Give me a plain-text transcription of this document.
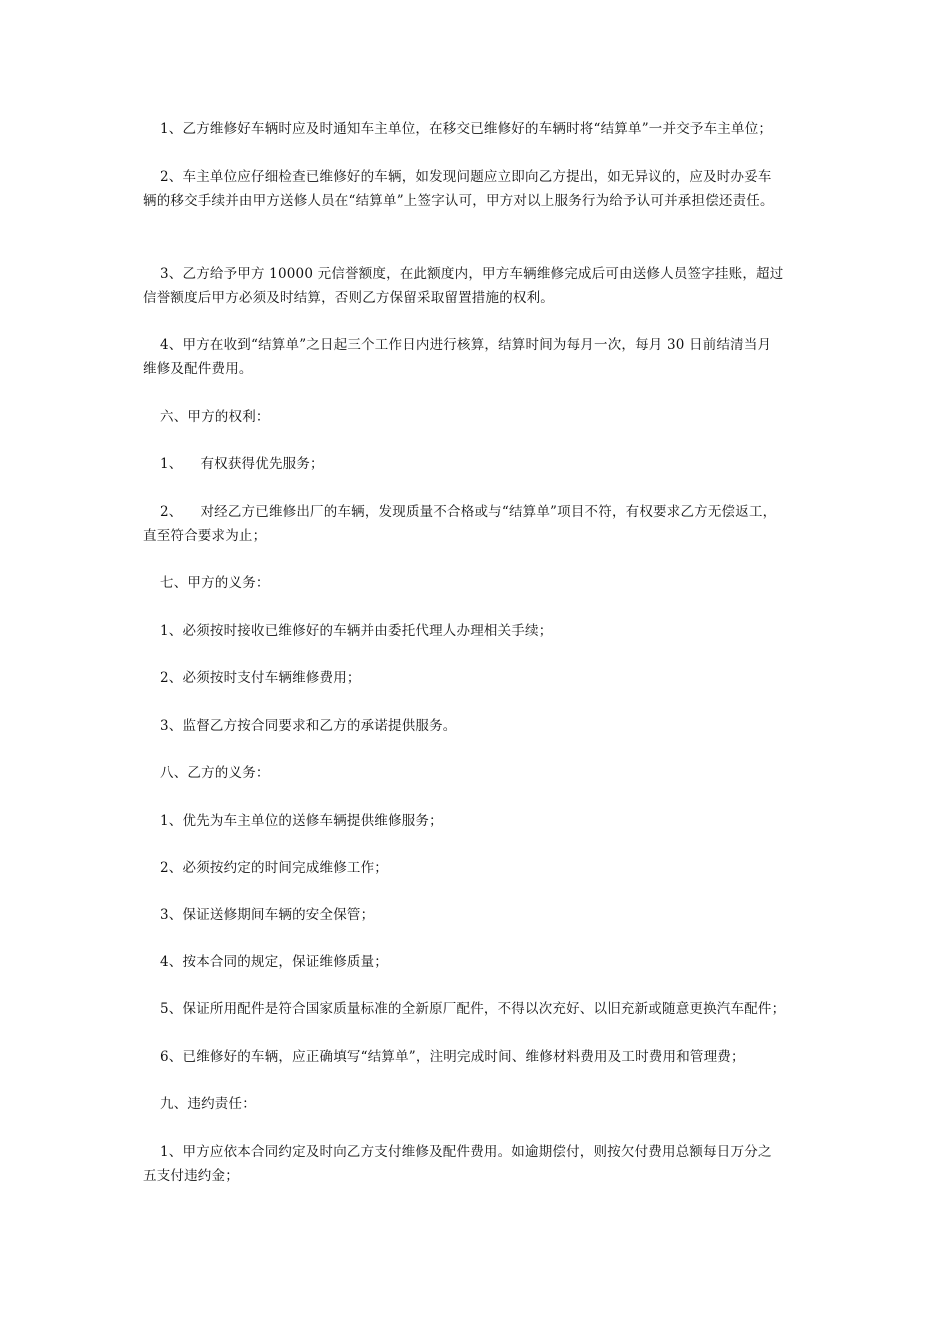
1、乙方维修好车辆时应及时通知车主单位，在移交已维修好的车辆时将“结算单”一并交予车主单位；
2、车主单位应仔细检查已维修好的车辆，如发现问题应立即向乙方提出，如无异议的，应及时办妥车
辆的移交手续并由甲方送修人员在“结算单”上签字认可，甲方对以上服务行为给予认可并承担偿还责任。
3、乙方给予甲方 10000 元信誉额度，在此额度内，甲方车辆维修完成后可由送修人员签字挂账，超过
信誉额度后甲方必须及时结算，否则乙方保留采取留置措施的权利。
4、甲方在收到“结算单”之日起三个工作日内进行核算，结算时间为每月一次，每月 30 日前结清当月
维修及配件费用。
六、甲方的权利：
1、    有权获得优先服务；
2、    对经乙方已维修出厂的车辆，发现质量不合格或与“结算单”项目不符，有权要求乙方无偿返工，
直至符合要求为止；
七、甲方的义务：
1、必须按时接收已维修好的车辆并由委托代理人办理相关手续；
2、必须按时支付车辆维修费用；
3、监督乙方按合同要求和乙方的承诺提供服务。
八、乙方的义务：
1、优先为车主单位的送修车辆提供维修服务；
2、必须按约定的时间完成维修工作；
3、保证送修期间车辆的安全保管；
4、按本合同的规定，保证维修质量；
5、保证所用配件是符合国家质量标准的全新原厂配件，不得以次充好、以旧充新或随意更换汽车配件；
6、已维修好的车辆，应正确填写“结算单”，注明完成时间、维修材料费用及工时费用和管理费；
九、违约责任：
1、甲方应依本合同约定及时向乙方支付维修及配件费用。如逾期偿付，则按欠付费用总额每日万分之
五支付违约金；
